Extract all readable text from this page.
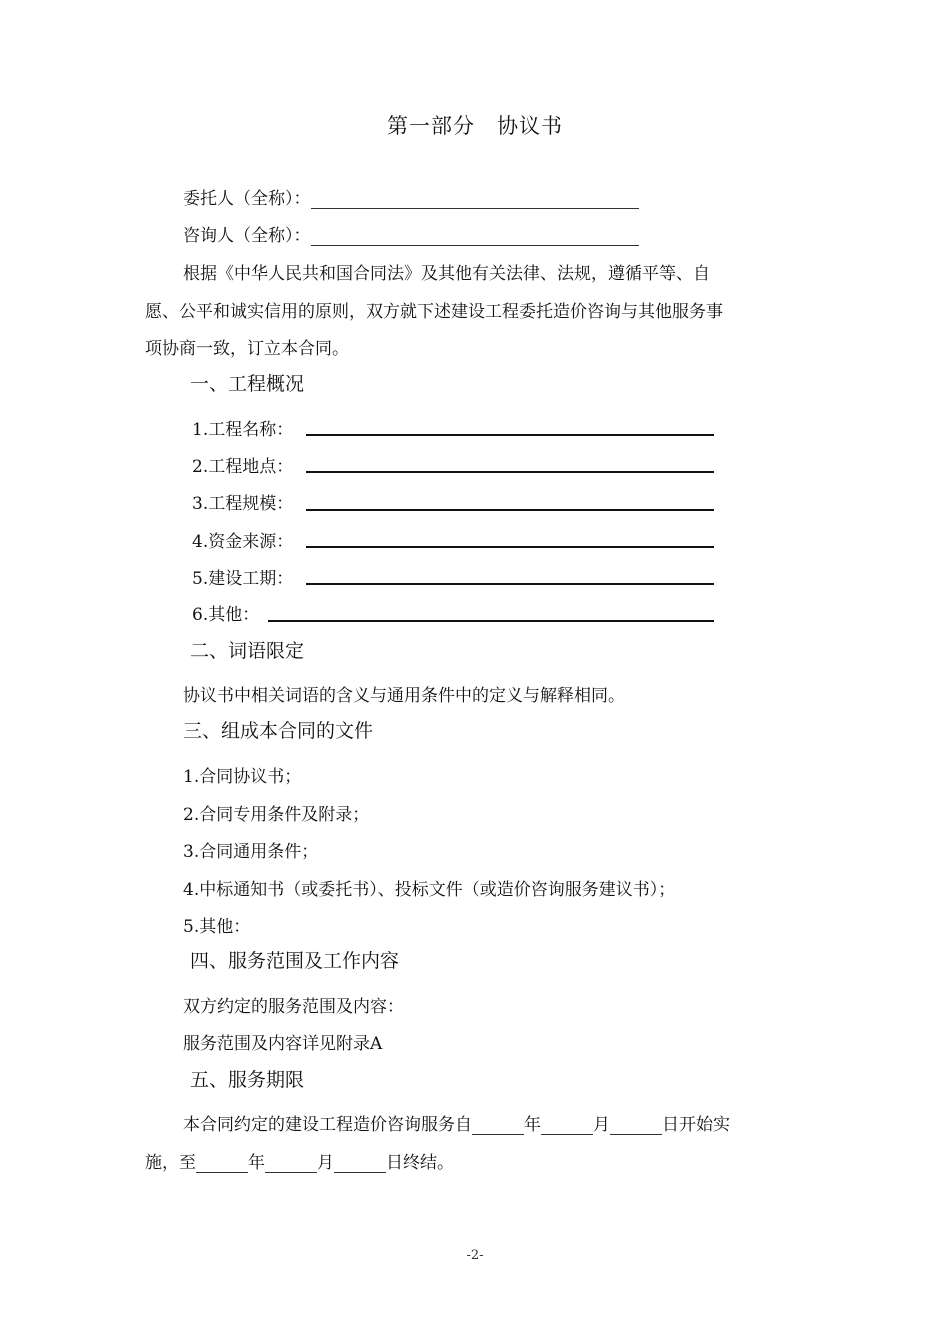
第一部分　协议书
委托人（全称）：
咨询人（全称）：
根据《中华人民共和国合同法》及其他有关法律、法规，遵循平等、自
愿、公平和诚实信用的原则，双方就下述建设工程委托造价咨询与其他服务事
项协商一致，订立本合同。
一、工程概况
1.工程名称：
2.工程地点：
3.工程规模：
4.资金来源：
5.建设工期：
6.其他：
二、词语限定
协议书中相关词语的含义与通用条件中的定义与解释相同。
三、组成本合同的文件
1.合同协议书；
2.合同专用条件及附录；
3.合同通用条件；
4.中标通知书（或委托书）、投标文件（或造价咨询服务建议书）；
5.其他：
四、服务范围及工作内容
双方约定的服务范围及内容：
服务范围及内容详见附录A
五、服务期限
本合同约定的建设工程造价咨询服务自	年	月	日开始实
施，至	年	月	日终结。
-2-
